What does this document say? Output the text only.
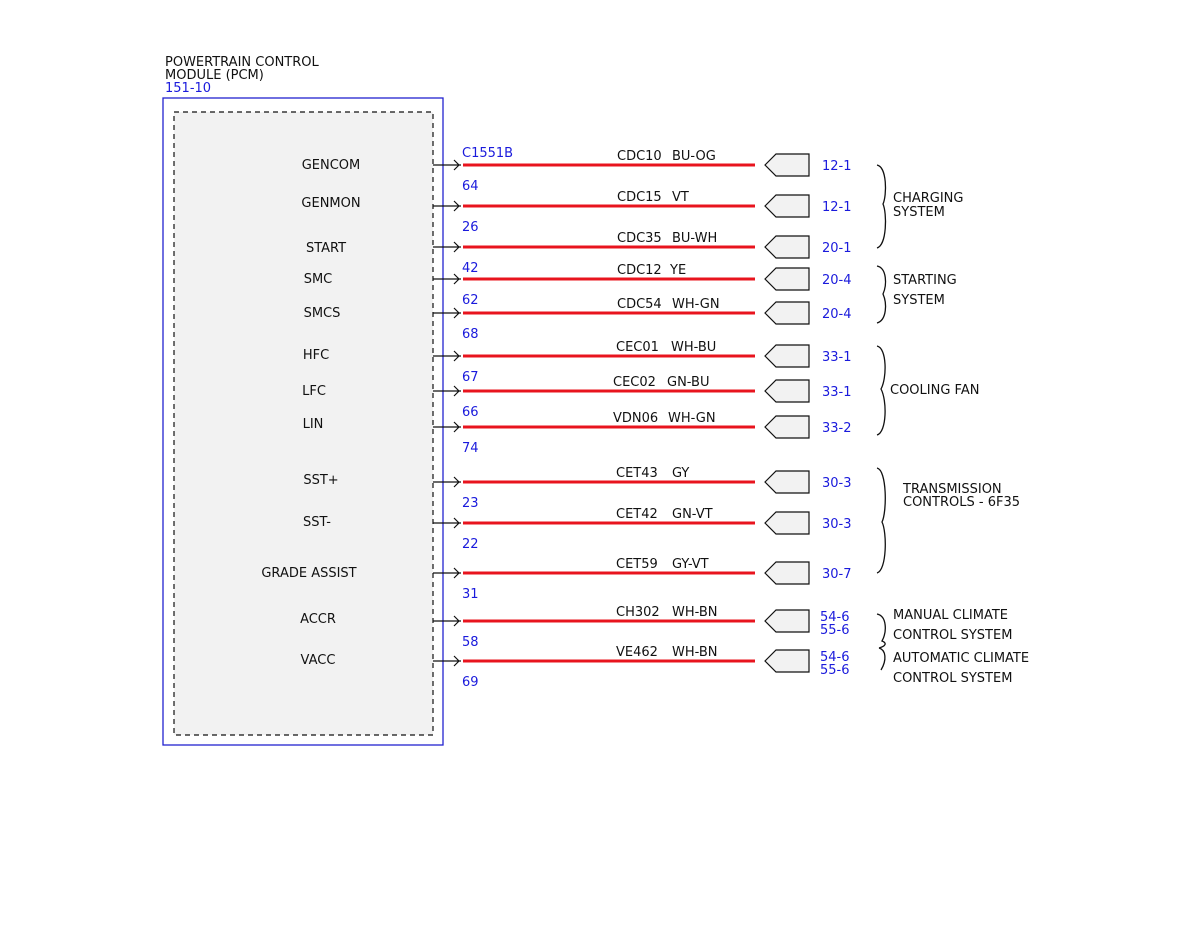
POWERTRAIN CONTROL
MODULE (PCM)
151-10
C1551B
GENCOM
64
CDC10 BU-OG
12-1
GENMON
26
CDC15 VT
12-1
START
42
CDC35 BU-WH
20-1
SMC
62
CDC12 YE
20-4
SMCS
68
CDC54 WH-GN
20-4
HFC
67
CEC01 WH-BU
33-1
LFC
66
CEC02 GN-BU
33-1
LIN
74
VDN06 WH-GN
33-2
SST+
23
CET43 GY
30-3
SST-
22
CET42 GN-VT
30-3
GRADE ASSIST
31
CET59 GY-VT
30-7
ACCR
58
CH302 WH-BN	54-6
55-6
VACC
69
VE462 WH-BN	54-6
55-6
CHARGING
SYSTEM
STARTING
SYSTEM
COOLING FAN
TRANSMISSION
CONTROLS - 6F35
MANUAL CLIMATE
CONTROL SYSTEM
AUTOMATIC CLIMATE
CONTROL SYSTEM
